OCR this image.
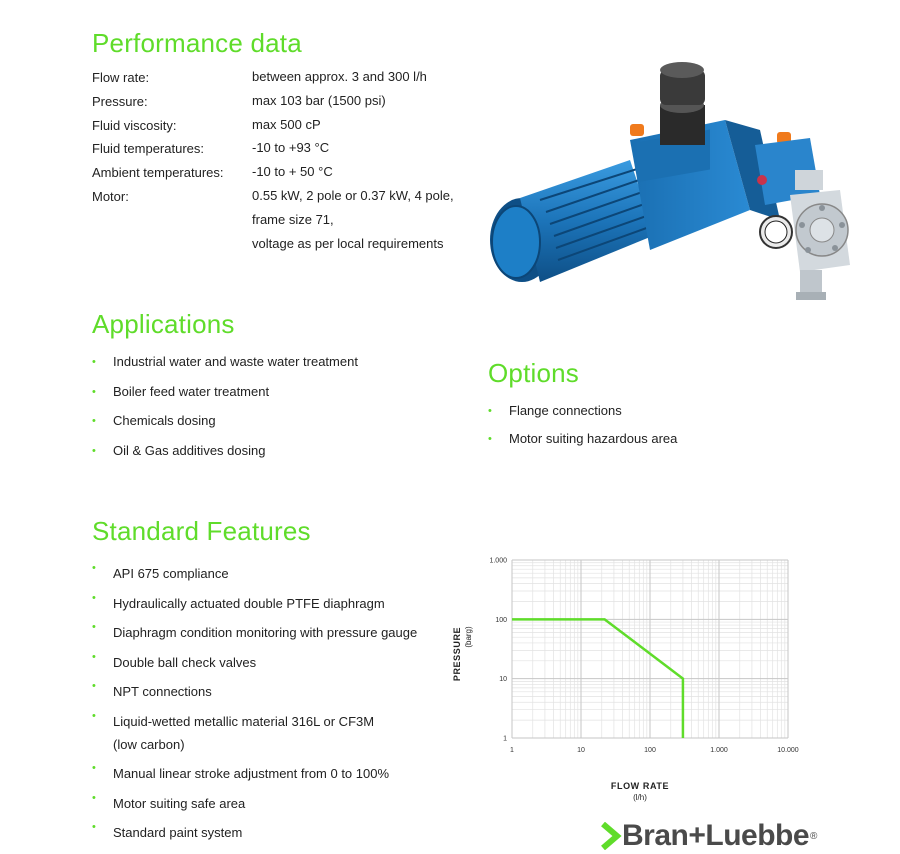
Performance data
Flow rate:	between approx. 3 and 300 l/h
Pressure:	max 103 bar (1500 psi)
Fluid viscosity:	max 500 cP
Fluid temperatures:	-10 to +93 °C
Ambient temperatures:	-10 to + 50 °C
Motor:	0.55 kW, 2 pole or 0.37 kW, 4 pole,
frame size 71,
voltage as per local requirements
Applications
• Industrial water and waste water treatment
• Boiler feed water treatment
• Chemicals dosing
• Oil & Gas additives dosing
Options
• Flange connections
• Motor suiting hazardous area
Standard Features
• API 675 compliance
• Hydraulically actuated double PTFE diaphragm
• Diaphragm condition monitoring with pressure gauge
• Double ball check valves
• NPT connections
• Liquid-wetted metallic material 316L or CF3M
(low carbon)
• Manual linear stroke adjustment from 0 to 100%
• Motor suiting safe area
• Standard paint system
1	10	100	1.000	10.000
1
10
100
1.000
FLOW RATE
(l/h)
PRESSURE (barg)
Bran+Luebbe ®
